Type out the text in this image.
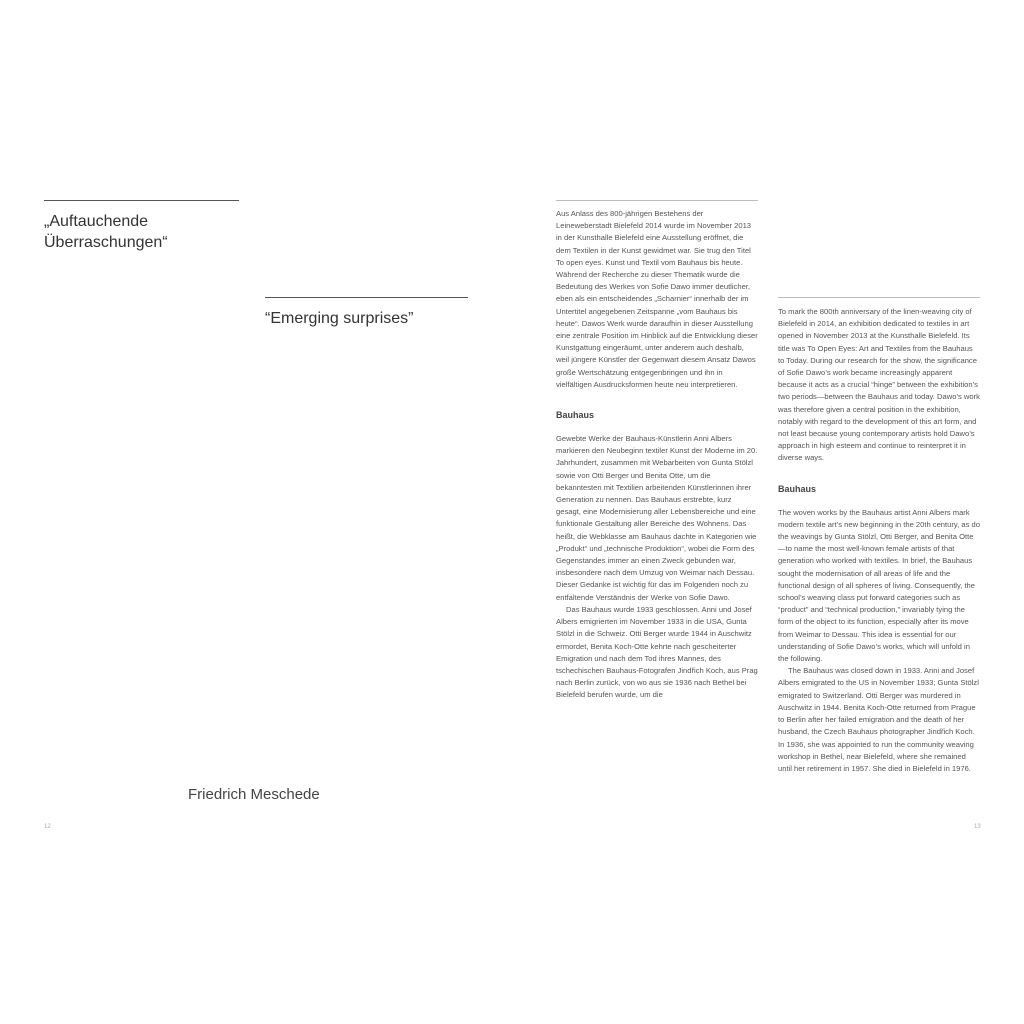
„Auftauchende Überraschungen“
“Emerging surprises”
Friedrich Meschede
12

Aus Anlass des 800-jährigen Bestehens der Leineweberstadt Bielefeld 2014 wurde im November 2013 in der Kunsthalle Bielefeld eine Ausstellung eröffnet, die dem Textilen in der Kunst gewidmet war. Sie trug den Titel To open eyes. Kunst und Textil vom Bauhaus bis heute. Während der Recherche zu dieser Thematik wurde die Bedeutung des Werkes von Sofie Dawo immer deutlicher, eben als ein entscheidendes „Scharnier“ innerhalb der im Untertitel angegebenen Zeitspanne „vom Bauhaus bis heute“. Dawos Werk wurde daraufhin in dieser Ausstellung eine zentrale Position im Hinblick auf die Entwicklung dieser Kunstgattung eingeräumt, unter anderem auch deshalb, weil jüngere Künstler der Gegenwart diesem Ansatz Dawos große Wertschätzung entgegenbringen und ihn in vielfältigen Ausdrucksformen heute neu interpretieren.

Bauhaus

Gewebte Werke der Bauhaus-Künstlerin Anni Albers markieren den Neubeginn textiler Kunst der Moderne im 20. Jahrhundert, zusammen mit Webarbeiten von Gunta Stölzl sowie von Otti Berger und Benita Otte, um die bekanntesten mit Textilien arbeitenden Künstlerinnen ihrer Generation zu nennen. Das Bauhaus erstrebte, kurz gesagt, eine Modernisierung aller Lebensbereiche und eine funktionale Gestaltung aller Bereiche des Wohnens. Das heißt, die Webklasse am Bauhaus dachte in Kategorien wie „Produkt“ und „technische Produktion“, wobei die Form des Gegenstandes immer an einen Zweck gebunden war, insbesondere nach dem Umzug von Weimar nach Dessau. Dieser Gedanke ist wichtig für das im Folgenden noch zu entfaltende Verständnis der Werke von Sofie Dawo.

Das Bauhaus wurde 1933 geschlossen. Anni und Josef Albers emigrierten im November 1933 in die USA, Gunta Stölzl in die Schweiz. Otti Berger wurde 1944 in Auschwitz ermordet, Benita Koch-Otte kehrte nach gescheiterter Emigration und nach dem Tod ihres Mannes, des tschechischen Bauhaus-Fotografen Jindřich Koch, aus Prag nach Berlin zurück, von wo aus sie 1936 nach Bethel bei Bielefeld berufen wurde, um die

To mark the 800th anniversary of the linen-weaving city of Bielefeld in 2014, an exhibition dedicated to textiles in art opened in November 2013 at the Kunsthalle Bielefeld. Its title was To Open Eyes: Art and Textiles from the Bauhaus to Today. During our research for the show, the significance of Sofie Dawo’s work became increasingly apparent because it acts as a crucial “hinge” between the exhibition’s two periods—between the Bauhaus and today. Dawo’s work was therefore given a central position in the exhibition, notably with regard to the development of this art form, and not least because young contemporary artists hold Dawo’s approach in high esteem and continue to reinterpret it in diverse ways.

Bauhaus

The woven works by the Bauhaus artist Anni Albers mark modern textile art’s new beginning in the 20th century, as do the weavings by Gunta Stölzl, Otti Berger, and Benita Otte—to name the most well-known female artists of that generation who worked with textiles. In brief, the Bauhaus sought the modernisation of all areas of life and the functional design of all spheres of living. Consequently, the school’s weaving class put forward categories such as “product” and “technical production,” invariably tying the form of the object to its function, especially after its move from Weimar to Dessau. This idea is essential for our understanding of Sofie Dawo’s works, which will unfold in the following.

The Bauhaus was closed down in 1933. Anni and Josef Albers emigrated to the US in November 1933; Gunta Stölzl emigrated to Switzerland. Otti Berger was murdered in Auschwitz in 1944. Benita Koch-Otte returned from Prague to Berlin after her failed emigration and the death of her husband, the Czech Bauhaus photographer Jindřich Koch. In 1936, she was appointed to run the community weaving workshop in Bethel, near Bielefeld, where she remained until her retirement in 1957. She died in Bielefeld in 1976.

13
